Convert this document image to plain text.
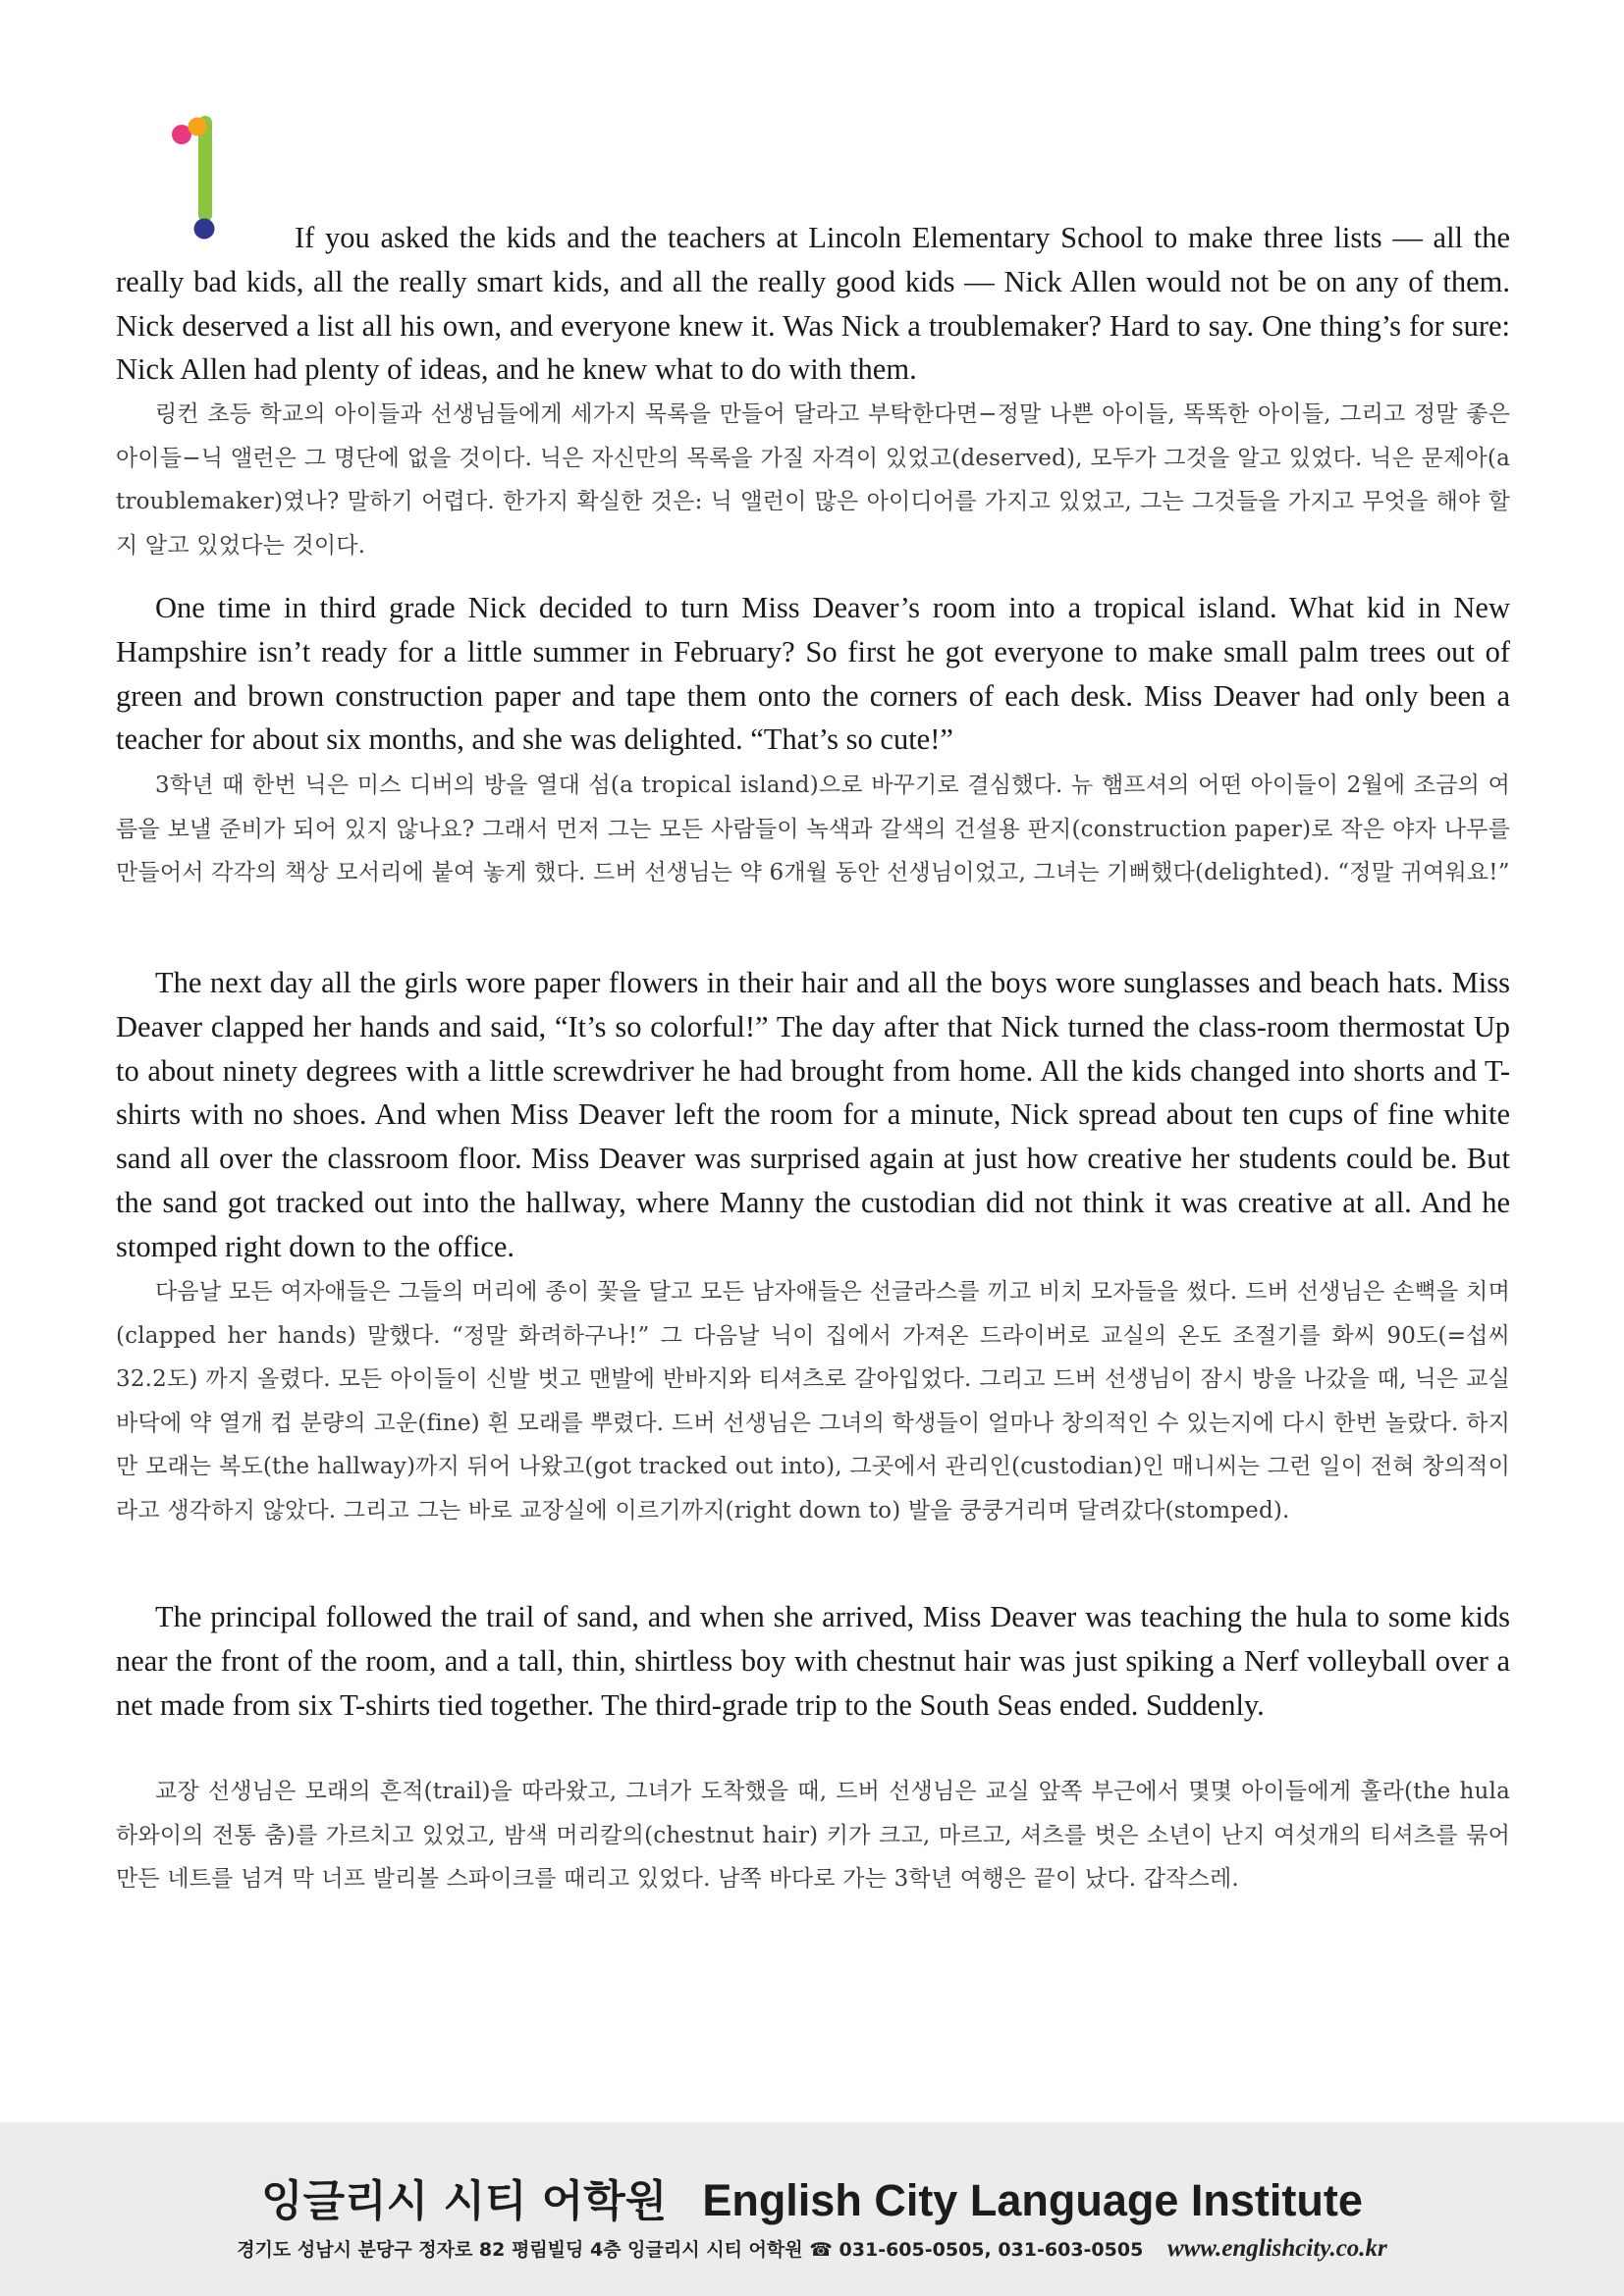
If you asked the kids and the teachers at Lincoln Elementary School to make three lists — all the really bad kids, all the really smart kids, and all the really good kids — Nick Allen would not be on any of them. Nick deserved a list all his own, and everyone knew it. Was Nick a troublemaker? Hard to say. One thing’s for sure: Nick Allen had plenty of ideas, and he knew what to do with them.

링컨 초등 학교의 아이들과 선생님들에게 세가지 목록을 만들어 달라고 부탁한다면−정말 나쁜 아이들, 똑똑한 아이들, 그리고 정말 좋은 아이들−닉 앨런은 그 명단에 없을 것이다. 닉은 자신만의 목록을 가질 자격이 있었고(deserved), 모두가 그것을 알고 있었다. 닉은 문제아(a troublemaker)였나? 말하기 어렵다. 한가지 확실한 것은: 닉 앨런이 많은 아이디어를 가지고 있었고, 그는 그것들을 가지고 무엇을 해야 할지 알고 있었다는 것이다.

One time in third grade Nick decided to turn Miss Deaver’s room into a tropical island. What kid in New Hampshire isn’t ready for a little summer in February? So first he got everyone to make small palm trees out of green and brown construction paper and tape them onto the corners of each desk. Miss Deaver had only been a teacher for about six months, and she was delighted. “That’s so cute!”

3학년 때 한번 닉은 미스 디버의 방을 열대 섬(a tropical island)으로 바꾸기로 결심했다. 뉴 햄프셔의 어떤 아이들이 2월에 조금의 여름을 보낼 준비가 되어 있지 않나요? 그래서 먼저 그는 모든 사람들이 녹색과 갈색의 건설용 판지(construction paper)로 작은 야자 나무를 만들어서 각각의 책상 모서리에 붙여 놓게 했다. 드버 선생님는 약 6개월 동안 선생님이었고, 그녀는 기뻐했다(delighted). “정말 귀여워요!”

The next day all the girls wore paper flowers in their hair and all the boys wore sunglasses and beach hats. Miss Deaver clapped her hands and said, “It’s so colorful!” The day after that Nick turned the class-room thermostat Up to about ninety degrees with a little screwdriver he had brought from home. All the kids changed into shorts and T-shirts with no shoes. And when Miss Deaver left the room for a minute, Nick spread about ten cups of fine white sand all over the classroom floor. Miss Deaver was surprised again at just how creative her students could be. But the sand got tracked out into the hallway, where Manny the custodian did not think it was creative at all. And he stomped right down to the office.

다음날 모든 여자애들은 그들의 머리에 종이 꽃을 달고 모든 남자애들은 선글라스를 끼고 비치 모자들을 썼다. 드버 선생님은 손뼉을 치며(clapped her hands) 말했다. “정말 화려하구나!” 그 다음날 닉이 집에서 가져온 드라이버로 교실의 온도 조절기를 화씨 90도(=섭씨 32.2도) 까지 올렸다. 모든 아이들이 신발 벗고 맨발에 반바지와 티셔츠로 갈아입었다. 그리고 드버 선생님이 잠시 방을 나갔을 때, 닉은 교실 바닥에 약 열개 컵 분량의 고운(fine) 흰 모래를 뿌렸다. 드버 선생님은 그녀의 학생들이 얼마나 창의적인 수 있는지에 다시 한번 놀랐다. 하지만 모래는 복도(the hallway)까지 뒤어 나왔고(got tracked out into), 그곳에서 관리인(custodian)인 매니씨는 그런 일이 전혀 창의적이라고 생각하지 않았다. 그리고 그는 바로 교장실에 이르기까지(right down to) 발을 쿵쿵거리며 달려갔다(stomped).

The principal followed the trail of sand, and when she arrived, Miss Deaver was teaching the hula to some kids near the front of the room, and a tall, thin, shirtless boy with chestnut hair was just spiking a Nerf volleyball over a net made from six T-shirts tied together. The third-grade trip to the South Seas ended. Suddenly.

교장 선생님은 모래의 흔적(trail)을 따라왔고, 그녀가 도착했을 때, 드버 선생님은 교실 앞쪽 부근에서 몇몇 아이들에게 훌라(the hula 하와이의 전통 춤)를 가르치고 있었고, 밤색 머리칼의(chestnut hair) 키가 크고, 마르고, 셔츠를 벗은 소년이 난지 여섯개의 티셔츠를 묶어 만든 네트를 넘겨 막 너프 발리볼 스파이크를 때리고 있었다. 남쪽 바다로 가는 3학년 여행은 끝이 났다. 갑작스레.

잉글리시 시티 어학원 English City Language Institute
경기도 성남시 분당구 정자로 82 평림빌딩 4층 잉글리시 시티 어학원 ☎ 031-605-0505, 031-603-0505 www.englishcity.co.kr
